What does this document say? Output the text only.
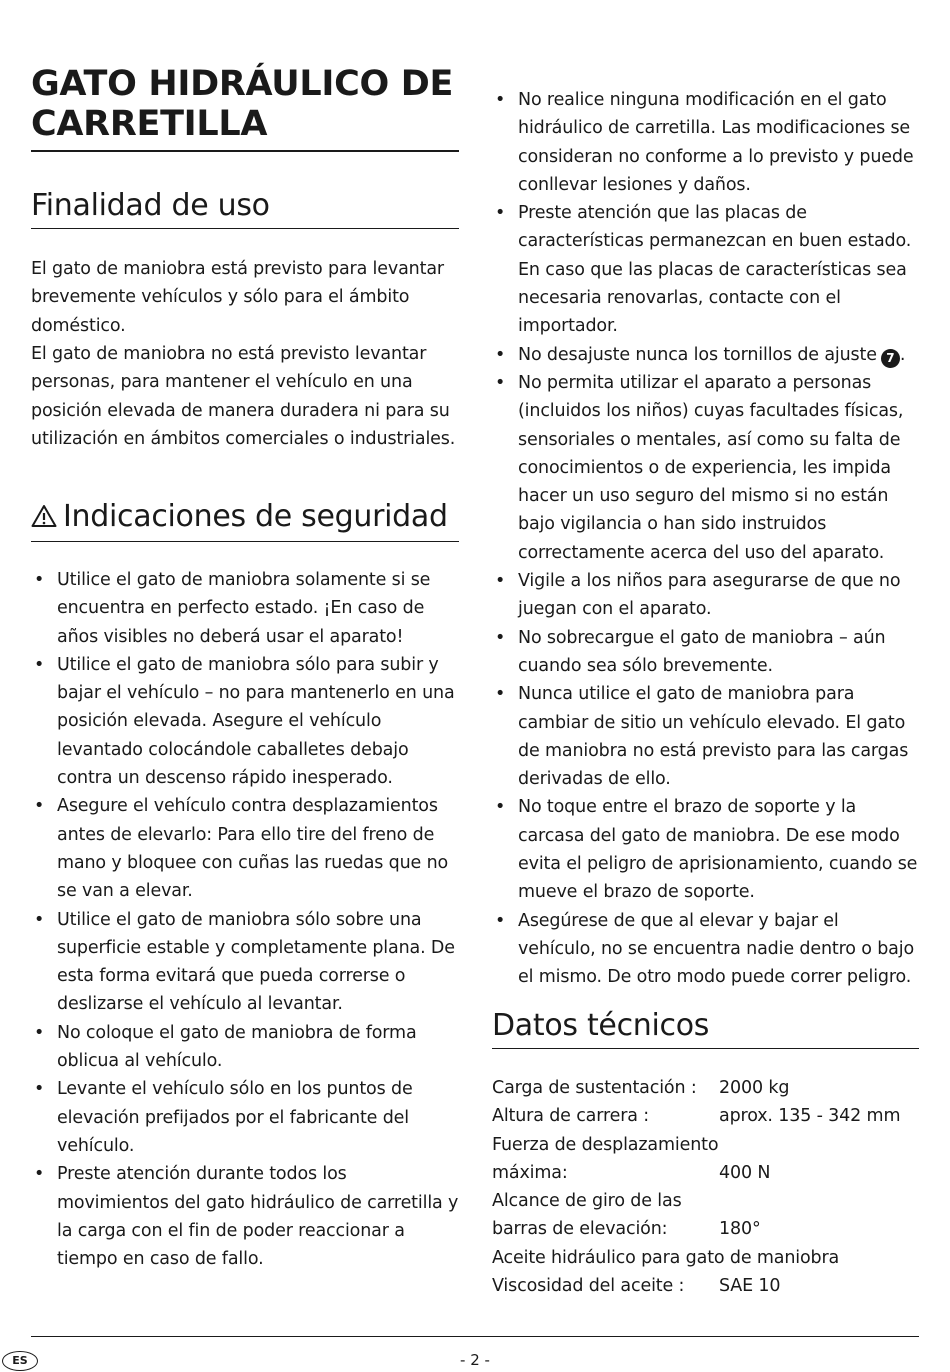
GATO HIDRÁULICO DE CARRETILLA
Finalidad de uso

El gato de maniobra está previsto para levantar brevemente vehículos y sólo para el ámbito doméstico.

El gato de maniobra no está previsto levantar personas, para mantener el vehículo en una posición elevada de manera duradera ni para su utilización en ámbitos comerciales o industriales.

Indicaciones de seguridad
• Utilice el gato de maniobra solamente si se encuentra en perfecto estado. ¡En caso de años visibles no deberá usar el aparato!
• Utilice el gato de maniobra sólo para subir y bajar el vehículo – no para mantenerlo en una posición elevada. Asegure el vehículo levantado colocándole caballetes debajo contra un descenso rápido inesperado.
• Asegure el vehículo contra desplazamientos antes de elevarlo: Para ello tire del freno de mano y bloquee con cuñas las ruedas que no se van a elevar.
• Utilice el gato de maniobra sólo sobre una superficie estable y completamente plana. De esta forma evitará que pueda correrse o deslizarse el vehículo al levantar.
• No coloque el gato de maniobra de forma oblicua al vehículo.
• Levante el vehículo sólo en los puntos de elevación prefijados por el fabricante del vehículo.
• Preste atención durante todos los movimientos del gato hidráulico de carretilla y la carga con el fin de poder reaccionar a tiempo en caso de fallo.
• No realice ninguna modificación en el gato hidráulico de carretilla. Las modificaciones se consideran no conforme a lo previsto y puede conllevar lesiones y daños.
• Preste atención que las placas de características permanezcan en buen estado. En caso que las placas de características sea necesaria renovarlas, contacte con el importador.
• No desajuste nunca los tornillos de ajuste 7 .
• No permita utilizar el aparato a personas (incluidos los niños) cuyas facultades físicas, sensoriales o mentales, así como su falta de conocimientos o de experiencia, les impida hacer un uso seguro del mismo si no están bajo vigilancia o han sido instruidos correctamente acerca del uso del aparato.
• Vigile a los niños para asegurarse de que no juegan con el aparato.
• No sobrecargue el gato de maniobra – aún cuando sea sólo brevemente.
• Nunca utilice el gato de maniobra para cambiar de sitio un vehículo elevado. El gato de maniobra no está previsto para las cargas derivadas de ello.
• No toque entre el brazo de soporte y la carcasa del gato de maniobra. De ese modo evita el peligro de aprisionamiento, cuando se mueve el brazo de soporte.
• Asegúrese de que al elevar y bajar el vehículo, no se encuentra nadie dentro o bajo el mismo. De otro modo puede correr peligro.
Datos técnicos
Carga de sustentación : 2000 kg
Altura de carrera :	aprox. 135 - 342 mm
Fuerza de desplazamiento
máxima:	400 N
Alcance de giro de las
barras de elevación:	180°
Aceite hidráulico para gato de maniobra
Viscosidad del aceite : SAE 10
ES	- 2 -
